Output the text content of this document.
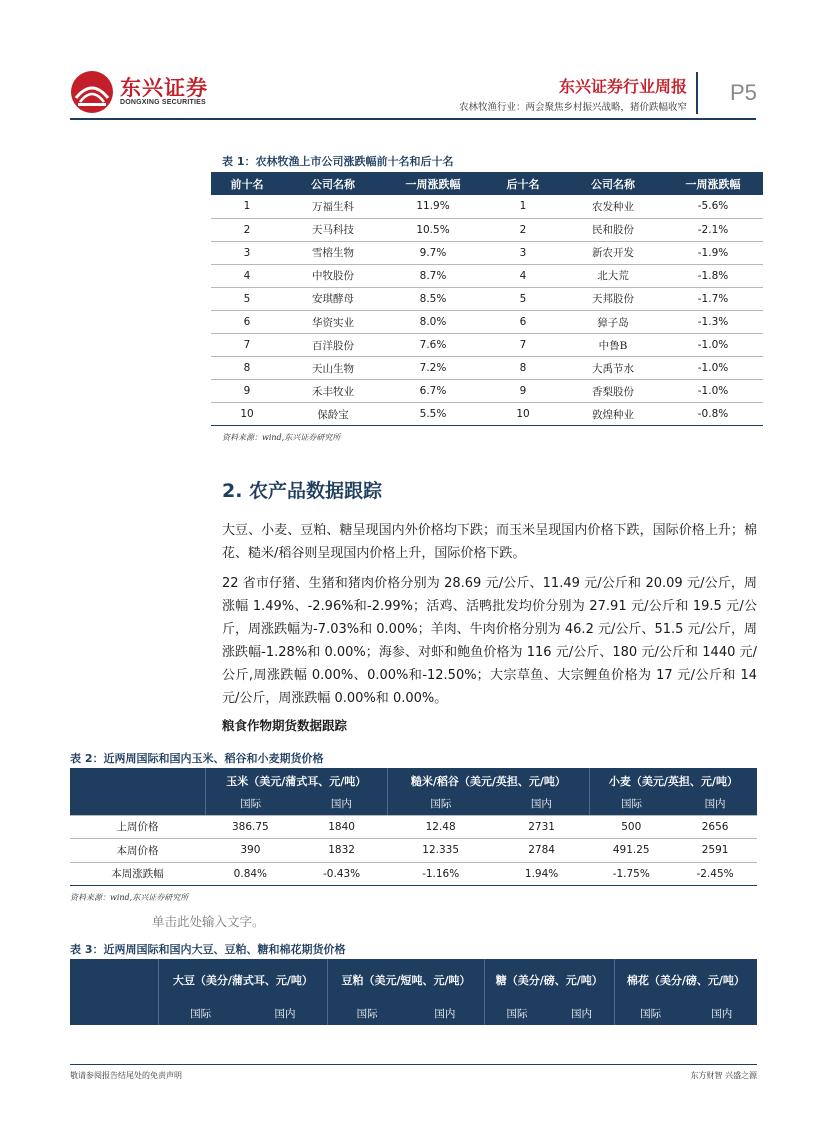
东兴证券
DONGXING SECURITIES
东兴证券行业周报
农林牧渔行业：两会聚焦乡村振兴战略，猪价跌幅收窄
P5
表 1：农林牧渔上市公司涨跌幅前十名和后十名
前十名	公司名称	一周涨跌幅	后十名	公司名称	一周涨跌幅
1	万福生科	11.9%	1	农发种业	-5.6%
2	天马科技	10.5%	2	民和股份	-2.1%
3	雪榕生物	9.7%	3	新农开发	-1.9%
4	中牧股份	8.7%	4	北大荒	-1.8%
5	安琪酵母	8.5%	5	天邦股份	-1.7%
6	华资实业	8.0%	6	獐子岛	-1.3%
7	百洋股份	7.6%	7	中鲁B	-1.0%
8	天山生物	7.2%	8	大禹节水	-1.0%
9	禾丰牧业	6.7%	9	香梨股份	-1.0%
10	保龄宝	5.5%	10	敦煌种业	-0.8%
资料来源：wind,东兴证券研究所
2. 农产品数据跟踪

大豆、小麦、豆粕、糖呈现国内外价格均下跌；而玉米呈现国内价格下跌，国际价格上升；棉花、糙米/稻谷则呈现国内价格上升，国际价格下跌。

22 省市仔猪、生猪和猪肉价格分别为 28.69 元/公斤、11.49 元/公斤和 20.09 元/公斤，周涨幅 1.49%、-2.96%和-2.99%；活鸡、活鸭批发均价分别为 27.91 元/公斤和 19.5 元/公斤，周涨跌幅为-7.03%和 0.00%；羊肉、牛肉价格分别为 46.2 元/公斤、51.5 元/公斤，周涨跌幅-1.28%和 0.00%；海参、对虾和鲍鱼价格为 116 元/公斤、180 元/公斤和 1440 元/公斤,周涨跌幅 0.00%、0.00%和-12.50%；大宗草鱼、大宗鲤鱼价格为 17 元/公斤和 14 元/公斤，周涨跌幅 0.00%和 0.00%。

粮食作物期货数据跟踪
表 2：近两周国际和国内玉米、稻谷和小麦期货价格
	玉米（美元/蒲式耳、元/吨）		糙米/稻谷（美元/英担、元/吨）		小麦（美元/英担、元/吨）	
	国际	国内	国际	国内	国际	国内
上周价格	386.75	1840	12.48	2731	500	2656
本周价格	390	1832	12.335	2784	491.25	2591
本周涨跌幅	0.84%	-0.43%	-1.16%	1.94%	-1.75%	-2.45%
资料来源：wind,东兴证券研究所
单击此处输入文字。
表 3：近两周国际和国内大豆、豆粕、糖和棉花期货价格
	大豆（美分/蒲式耳、元/吨）		豆粕（美元/短吨、元/吨）		糖（美分/磅、元/吨）		棉花（美分/磅、元/吨）	
	国际	国内	国际	国内	国际	国内	国际	国内
敬请参阅报告结尾处的免责声明	东方财智 兴盛之源
